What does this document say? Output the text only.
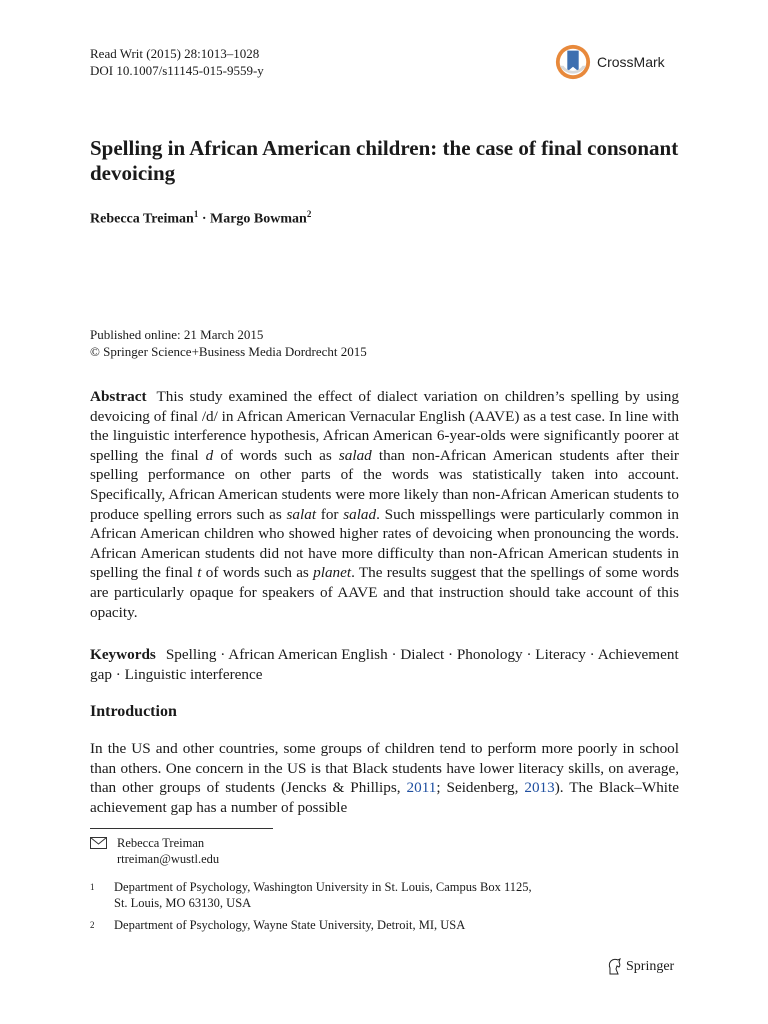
Read Writ (2015) 28:1013–1028
DOI 10.1007/s11145-015-9559-y
CrossMark
Spelling in African American children: the case of final consonant devoicing
Rebecca Treiman$^1$ · Margo Bowman$^2$
Published online: 21 March 2015
© Springer Science+Business Media Dordrecht 2015

Abstract This study examined the effect of dialect variation on children’s spelling by using devoicing of final /d/ in African American Vernacular English (AAVE) as a test case. In line with the linguistic interference hypothesis, African American 6-year-olds were significantly poorer at spelling the final d of words such as salad than non-African American students after their spelling performance on other parts of the words was statistically taken into account. Specifically, African American students were more likely than non-African American students to produce spelling errors such as salat for salad. Such misspellings were particularly common in African American children who showed higher rates of devoicing when pronouncing the words. African American students did not have more difficulty than non-African American students in spelling the final t of words such as planet. The results suggest that the spellings of some words are particularly opaque for speakers of AAVE and that instruction should take account of this opacity.

Keywords Spelling · African American English · Dialect · Phonology · Literacy · Achievement gap · Linguistic interference

Introduction

In the US and other countries, some groups of children tend to perform more poorly in school than others. One concern in the US is that Black students have lower literacy skills, on average, than other groups of students (Jencks & Phillips, 2011; Seidenberg, 2013). The Black–White achievement gap has a number of possible

Rebecca Treiman
rtreiman@wustl.edu
1	Department of Psychology, Washington University in St. Louis, Campus Box 1125,
St. Louis, MO 63130, USA
2	Department of Psychology, Wayne State University, Detroit, MI, USA
Springer
